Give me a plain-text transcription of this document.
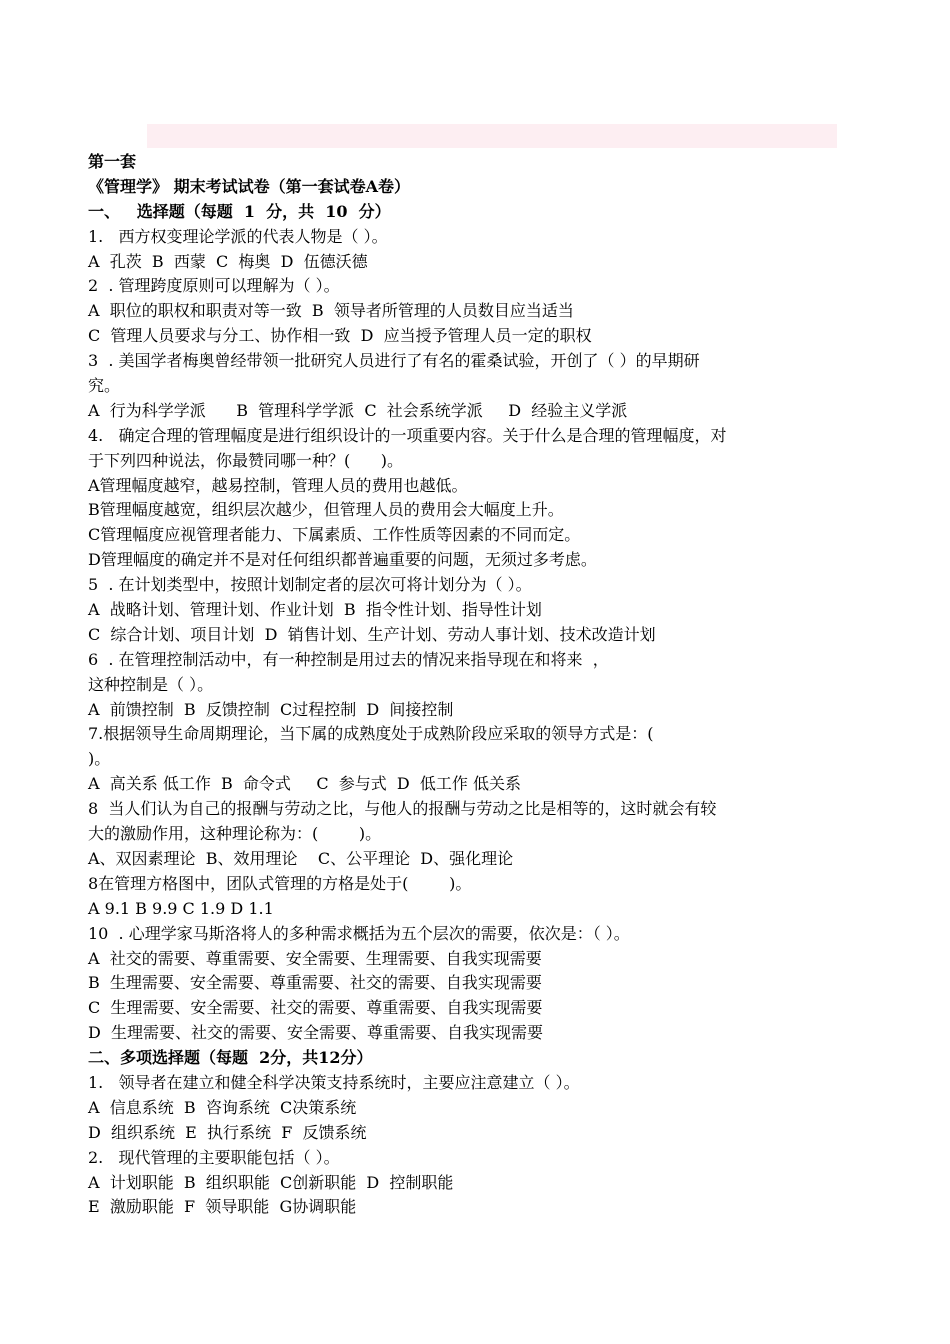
第一套
《管理学》 期末考试试卷（第一套试卷A卷）
一、   选择题（每题  1  分，共  10  分）
1.   西方权变理论学派的代表人物是（ ）。
A  孔茨  B  西蒙  C  梅奥  D  伍德沃德
2  . 管理跨度原则可以理解为（ ）。
A  职位的职权和职责对等一致  B  领导者所管理的人员数目应当适当
C  管理人员要求与分工、协作相一致  D  应当授予管理人员一定的职权
3  . 美国学者梅奥曾经带领一批研究人员进行了有名的霍桑试验，开创了（ ）的早期研
究。
A  行为科学学派      B  管理科学学派  C  社会系统学派     D  经验主义学派
4.   确定合理的管理幅度是进行组织设计的一项重要内容。关于什么是合理的管理幅度，对
于下列四种说法，你最赞同哪一种？(      )。
A管理幅度越窄，越易控制，管理人员的费用也越低。
B管理幅度越宽，组织层次越少，但管理人员的费用会大幅度上升。
C管理幅度应视管理者能力、下属素质、工作性质等因素的不同而定。
D管理幅度的确定并不是对任何组织都普遍重要的问题，无须过多考虑。
5  . 在计划类型中，按照计划制定者的层次可将计划分为（ ）。
A  战略计划、管理计划、作业计划  B  指令性计划、指导性计划
C  综合计划、项目计划  D  销售计划、生产计划、劳动人事计划、技术改造计划
6  . 在管理控制活动中，有一种控制是用过去的情况来指导现在和将来  ，
这种控制是（ ）。
A  前馈控制  B  反馈控制  C过程控制  D  间接控制
7.根据领导生命周期理论，当下属的成熟度处于成熟阶段应采取的领导方式是：(
)。
A  高关系 低工作  B  命令式     C  参与式  D  低工作 低关系
8  当人们认为自己的报酬与劳动之比，与他人的报酬与劳动之比是相等的，这时就会有较
大的激励作用，这种理论称为：(        )。
A、双因素理论  B、效用理论    C、公平理论  D、强化理论
8在管理方格图中，团队式管理的方格是处于(        )。
A 9.1 B 9.9 C 1.9 D 1.1
10  . 心理学家马斯洛将人的多种需求概括为五个层次的需要，依次是：（ ）。
A  社交的需要、尊重需要、安全需要、生理需要、自我实现需要
B  生理需要、安全需要、尊重需要、社交的需要、自我实现需要
C  生理需要、安全需要、社交的需要、尊重需要、自我实现需要
D  生理需要、社交的需要、安全需要、尊重需要、自我实现需要
二、多项选择题（每题  2分，共12分）
1.   领导者在建立和健全科学决策支持系统时，主要应注意建立（ ）。
A  信息系统  B  咨询系统  C决策系统
D  组织系统  E  执行系统  F  反馈系统
2.   现代管理的主要职能包括（ ）。
A  计划职能  B  组织职能  C创新职能  D  控制职能
E  激励职能  F  领导职能  G协调职能
